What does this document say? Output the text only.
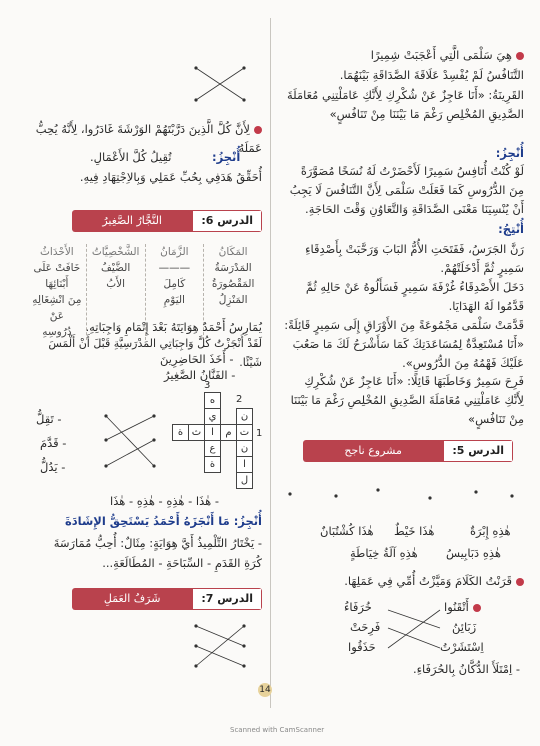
هِيَ سَلْمَى الَّتِي أَعْجَبَتْ شِمِيرًا
التَّنَافُسُ لَمْ يُفْسِدْ عَلَاقَةَ الصَّدَاقَةِ بَيْنَهُمَا.
القَرِينَةُ: «أَنَا عَاجِزٌ عَنْ شُكْرِكِ لِأَنَّكِ عَامَلْتِنِي مُعَامَلَةَ الصَّدِيقِ المُخْلِصِ رَغْمَ مَا بَيْنَنَا مِنْ تَنَافُسٍ»
أُنْجِزُ:
لَوْ كُنْتُ أُنَافِسُ سَمِيرًا لَأَحْضَرْتُ لَهُ نُسَخًا مُصَوَّرَةً مِنَ الدُّرُوسِ كَمَا فَعَلَتْ سَلْمَى لِأَنَّ التَّنَافُسَ لَا يَجِبُ أَنْ يُنْسِيَنَا مَعْنَى الصَّدَاقَةِ وَالتَّعَاوُنِ وَقْتَ الحَاجَةِ.
أُنْتِجُ:
رَنَّ الجَرَسُ، فَفَتَحَتِ الأُمُّ البَابَ وَرَحَّبَتْ بِأَصْدِقَاءِ سَمِيرٍ ثُمَّ أَدْخَلَتْهُمْ.
دَخَلَ الأَصْدِقَاءُ غُرْفَةَ سَمِيرٍ فَسَأَلُوهُ عَنْ حَالِهِ ثُمَّ قَدَّمُوا لَهُ الهَدَايَا.
قَدَّمَتْ سَلْمَى مَجْمُوعَةً مِنَ الأَوْرَاقِ إِلَى سَمِيرٍ قَائِلَةً: «أَنَا مُسْتَعِدَّةٌ لِمُسَاعَدَتِكَ كَمَا سَأَشْرَحُ لَكَ مَا صَعُبَ عَلَيْكَ فَهْمُهُ مِنَ الدُّرُوسِ».
فَرِحَ سَمِيرٌ وَخَاطَبَهَا قَائِلًا: «أَنَا عَاجِزٌ عَنْ شُكْرِكِ لِأَنَّكِ عَامَلْتِنِي مُعَامَلَةَ الصَّدِيقِ المُخْلِصِ رَغْمَ مَا بَيْنَنَا مِنْ تَنَافُسٍ»
الدرس 5:
مشروع ناجح
هٰذِهِ إِبْرَةٌ
هٰذَا خَيْطٌ
هٰذَا كُشْتُبَانٌ
هٰذِهِ دَبَابِيسُ
هٰذِهِ آلَةُ خِيَاطَةٍ
قَرَنْتُ الكَلَامَ وَمَيَّزْتُ أُمِّي فِي عَمَلِهَا.
أَتْقَنُوا
زَبَائِنُ
اِسْتَشَرْتُ
خُرَفَاءُ
فَرِحَتْ
حَذَقُوا
- اِمْتَلَأَ الدُّكَّانُ بِالحُرَفَاءِ.
لِأَنَّ كُلَّ الَّذِينَ دَرَّبْتَهُمْ الوَرْشَةَ غَادَرُوا، لِأَنَّهُ يُحِبُّ عَمَلَهُ
أُنْجِزُ:
تُقِيلُ كُلَّ الأَعْمَالِ.
أُحَقِّقُ هَدَفِي بِحُبِّ عَمَلِي وَبِالاِجْتِهَادِ فِيهِ.
الدرس 6:
النَّجَّارُ الصَّغِيرُ
المَكَانُ
المَدْرَسَةُ
المَقْصُورَةُ
المَنْزِلُ
الزَّمَانُ
———
كَامِلَ
اليَوْمِ
الشَّخْصِيَّاتُ
الضَّيْفُ
الأَبُ
الأَحْدَاثُ
خَافَتْ عَلَى أَبْنَائِهَا
مِنَ انْشِغَالِهِ عَنْ
دُرُوسِهِ	يُمَارِسُ أَحْمَدُ هِوَايَتَهُ بَعْدَ إِتْمَامِ وَاجِبَاتِهِ.
لَقَدْ أَنْجَزْتُ كُلَّ وَاجِبَاتِي المَدْرَسِيَّةِ قَبْلَ أَنْ أَلْمَسَ شَيْئًا.
- أَخَذَ الحَاضِرِينَ
- الفَنَّانُ الصَّغِيرُ
3
2
1
ه
ي	ن
ت
م
ا
ث
ة
ع
ة
ن
ا
ل
- تَقِلُّ
- قَدَّمَ
- يَدُلُّ
- هٰذَا - هٰذِهِ - هٰذِهِ - هٰذَا
أُنْجِزُ: مَا أَنْجَزَهُ أَحْمَدُ يَسْتَحِقُّ الإِشَادَةَ
- يَخْتَارُ التِّلْمِيذُ أَيَّ هِوَايَةٍ: مِثَالٌ: أُحِبُّ مُمَارَسَةَ
كُرَةِ القَدَمِ - السِّبَاحَةِ - المُطَالَعَةِ...
الدرس 7:
شَرَفُ العَمَلِ
14
Scanned with CamScanner
